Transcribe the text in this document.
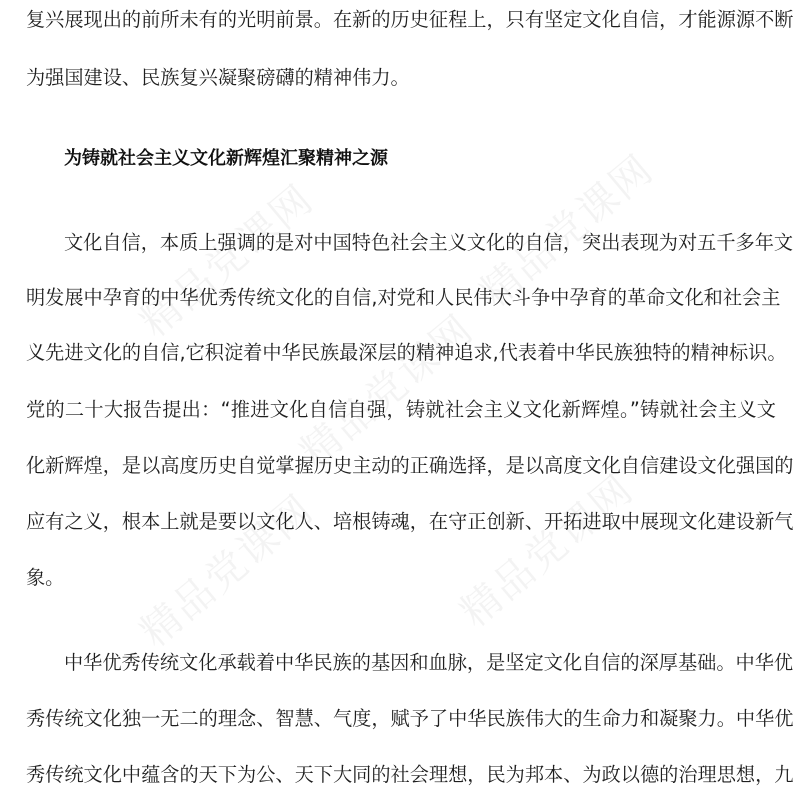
精品党课网	精品党课网
精品党课网
精品党课网	精品党课网
复兴展现出的前所未有的光明前景。在新的历史征程上，只有坚定文化自信，才能源源不断
为强国建设、民族复兴凝聚磅礴的精神伟力。
为铸就社会主义文化新辉煌汇聚精神之源
文化自信，本质上强调的是对中国特色社会主义文化的自信，突出表现为对五千多年文
明发展中孕育的中华优秀传统文化的自信,对党和人民伟大斗争中孕育的革命文化和社会主
义先进文化的自信,它积淀着中华民族最深层的精神追求,代表着中华民族独特的精神标识。
党的二十大报告提出：“推进文化自信自强，铸就社会主义文化新辉煌。”铸就社会主义文
化新辉煌，是以高度历史自觉掌握历史主动的正确选择，是以高度文化自信建设文化强国的
应有之义，根本上就是要以文化人、培根铸魂，在守正创新、开拓进取中展现文化建设新气
象。
中华优秀传统文化承载着中华民族的基因和血脉，是坚定文化自信的深厚基础。中华优
秀传统文化独一无二的理念、智慧、气度，赋予了中华民族伟大的生命力和凝聚力。中华优
秀传统文化中蕴含的天下为公、天下大同的社会理想，民为邦本、为政以德的治理思想，九
